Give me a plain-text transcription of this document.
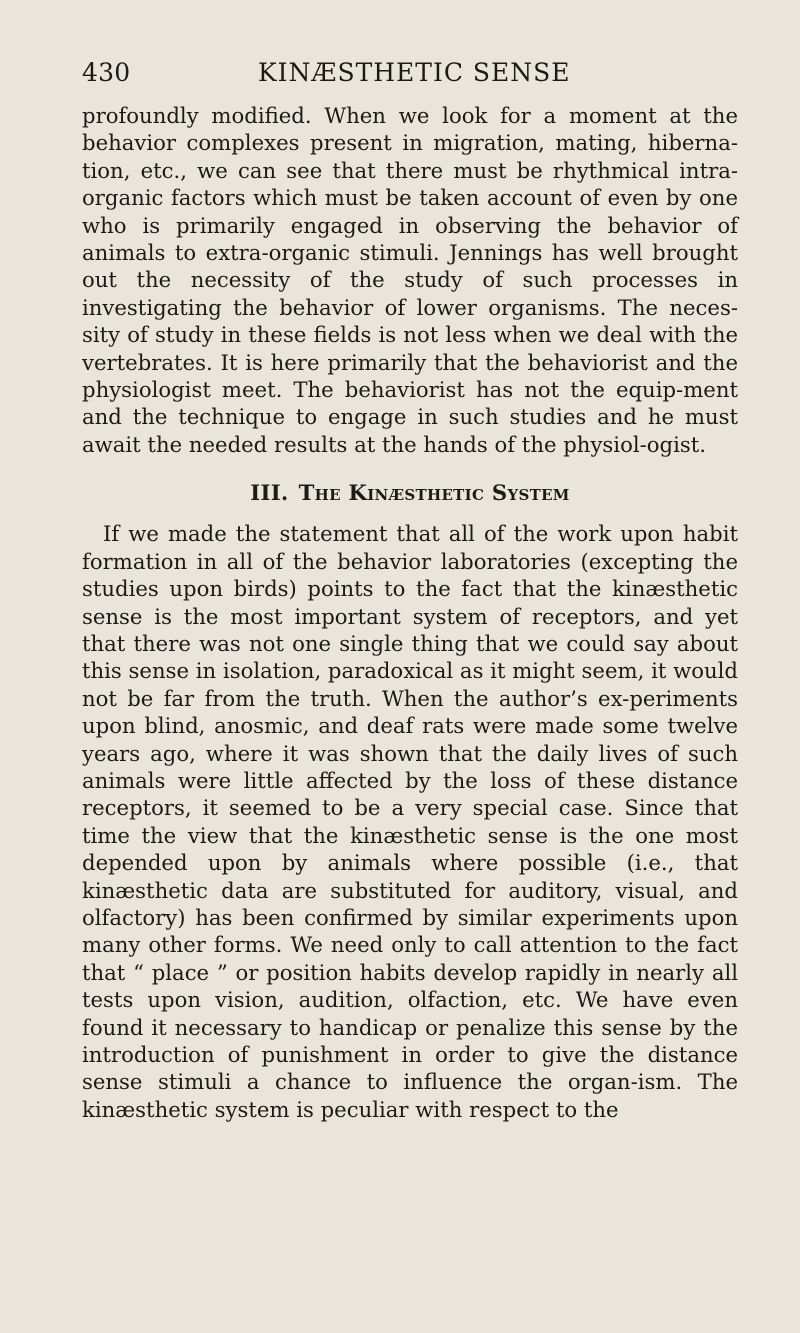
430	KINÆSTHETIC SENSE

profoundly modified. When we look for a moment at the behavior complexes present in migration, mating, hiberna-tion, etc., we can see that there must be rhythmical intra-organic factors which must be taken account of even by one who is primarily engaged in observing the behavior of animals to extra-organic stimuli. Jennings has well brought out the necessity of the study of such processes in investigating the behavior of lower organisms. The neces-sity of study in these fields is not less when we deal with the vertebrates. It is here primarily that the behaviorist and the physiologist meet. The behaviorist has not the equip-ment and the technique to engage in such studies and he must await the needed results at the hands of the physiol-ogist.

III. The Kinæsthetic System

If we made the statement that all of the work upon habit formation in all of the behavior laboratories (excepting the studies upon birds) points to the fact that the kinæsthetic sense is the most important system of receptors, and yet that there was not one single thing that we could say about this sense in isolation, paradoxical as it might seem, it would not be far from the truth. When the author’s ex-periments upon blind, anosmic, and deaf rats were made some twelve years ago, where it was shown that the daily lives of such animals were little affected by the loss of these distance receptors, it seemed to be a very special case. Since that time the view that the kinæsthetic sense is the one most depended upon by animals where possible (i.e., that kinæsthetic data are substituted for auditory, visual, and olfactory) has been confirmed by similar experiments upon many other forms. We need only to call attention to the fact that “ place ” or position habits develop rapidly in nearly all tests upon vision, audition, olfaction, etc. We have even found it necessary to handicap or penalize this sense by the introduction of punishment in order to give the distance sense stimuli a chance to influence the organ-ism. The kinæsthetic system is peculiar with respect to the
